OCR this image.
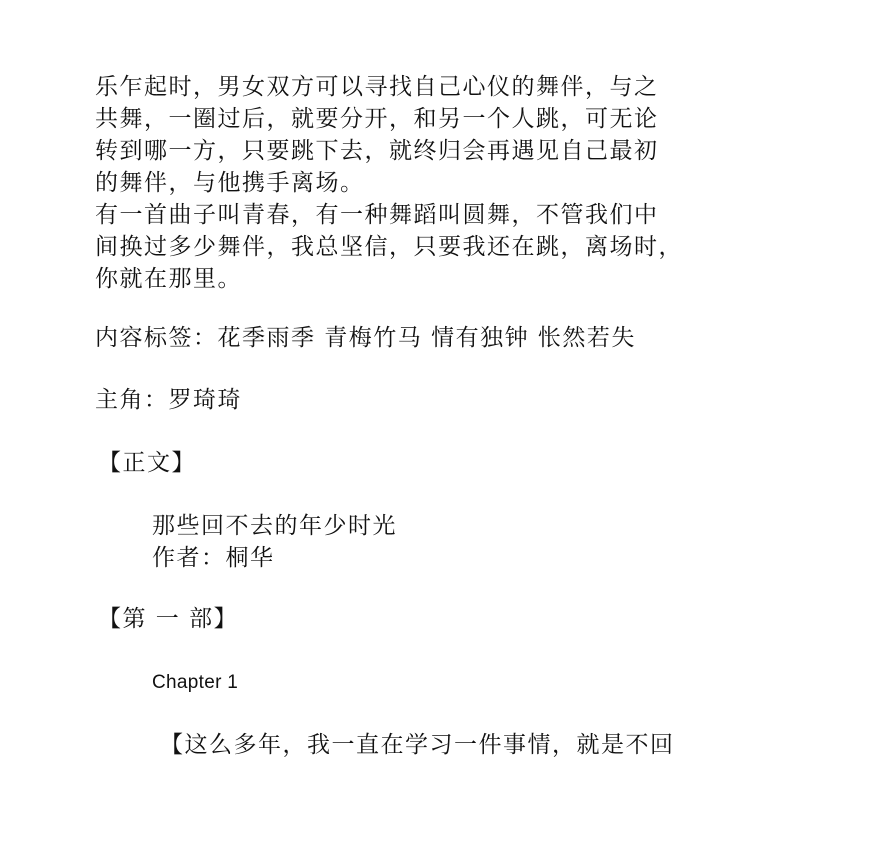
乐乍起时，男女双方可以寻找自己心仪的舞伴，与之
共舞，一圈过后，就要分开，和另一个人跳，可无论
转到哪一方，只要跳下去，就终归会再遇见自己最初
的舞伴，与他携手离场。
有一首曲子叫青春，有一种舞蹈叫圆舞，不管我们中
间换过多少舞伴，我总坚信，只要我还在跳，离场时，
你就在那里。
内容标签：花季雨季 青梅竹马 情有独钟 怅然若失
主角：罗琦琦
【正文】
那些回不去的年少时光
作者：桐华
【第 一 部】
Chapter 1
【这么多年，我一直在学习一件事情，就是不回
